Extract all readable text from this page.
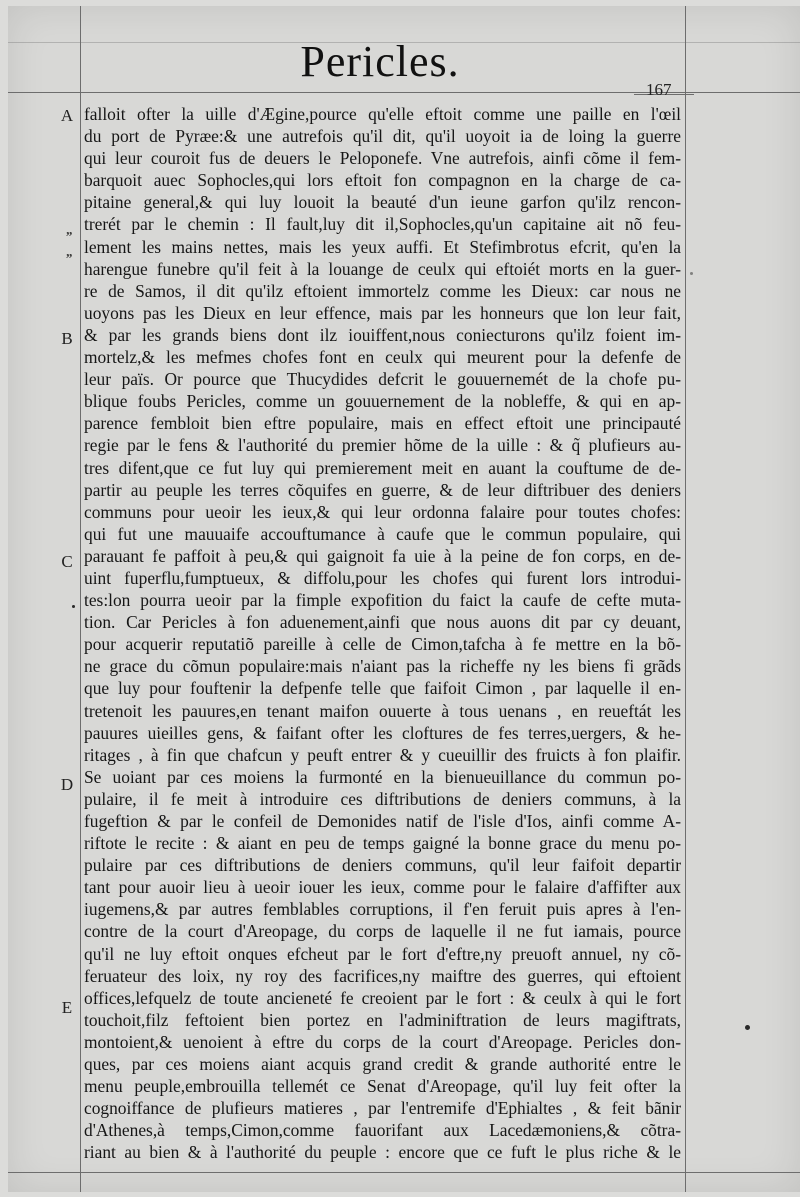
Pericles.
167
A
B
C
D
E
„
„
falloit ofter la uille d'Ægine,pource qu'elle eftoit comme une paille en l'œil
du port de Pyræe:& une autrefois qu'il dit, qu'il uoyoit ia de loing la guerre
qui leur couroit fus de deuers le Peloponefe. Vne autrefois, ainfi cõme il fem-
barquoit auec Sophocles,qui lors eftoit fon compagnon en la charge de ca-
pitaine general,& qui luy louoit la beauté d'un ieune garfon qu'ilz rencon-
trerét par le chemin : Il fault,luy dit il,Sophocles,qu'un capitaine ait nõ feu-
lement les mains nettes, mais les yeux auffi. Et Stefimbrotus efcrit, qu'en la
harengue funebre qu'il feit à la louange de ceulx qui eftoiét morts en la guer-
re de Samos, il dit qu'ilz eftoient immortelz comme les Dieux: car nous ne
uoyons pas les Dieux en leur effence, mais par les honneurs que lon leur fait,
& par les grands biens dont ilz iouiffent,nous coniecturons qu'ilz foient im-
mortelz,& les mefmes chofes font en ceulx qui meurent pour la defenfe de
leur païs. Or pource que Thucydides defcrit le gouuernemét de la chofe pu-
blique foubs Pericles, comme un gouuernement de la nobleffe, & qui en ap-
parence fembloit bien eftre populaire, mais en effect eftoit une principauté
regie par le fens & l'authorité du premier hõme de la uille : & q̃ plufieurs au-
tres difent,que ce fut luy qui premierement meit en auant la couftume de de-
partir au peuple les terres cõquifes en guerre, & de leur diftribuer des deniers
communs pour ueoir les ieux,& qui leur ordonna falaire pour toutes chofes:
qui fut une mauuaife accouftumance à caufe que le commun populaire, qui
parauant fe paffoit à peu,& qui gaignoit fa uie à la peine de fon corps, en de-
uint fuperflu,fumptueux, & diffolu,pour les chofes qui furent lors introdui-
tes:lon pourra ueoir par la fimple expofition du faict la caufe de cefte muta-
tion. Car Pericles à fon aduenement,ainfi que nous auons dit par cy deuant,
pour acquerir reputatiõ pareille à celle de Cimon,tafcha à fe mettre en la bõ-
ne grace du cõmun populaire:mais n'aiant pas la richeffe ny les biens fi grãds
que luy pour fouftenir la defpenfe telle que faifoit Cimon , par laquelle il en-
tretenoit les pauures,en tenant maifon ouuerte à tous uenans , en reueftát les
pauures uieilles gens, & faifant ofter les cloftures de fes terres,uergers, & he-
ritages , à fin que chafcun y peuft entrer & y cueuillir des fruicts à fon plaifir.
Se uoiant par ces moiens la furmonté en la bienueuillance du commun po-
pulaire, il fe meit à introduire ces diftributions de deniers communs, à la
fugeftion & par le confeil de Demonides natif de l'isle d'Ios, ainfi comme A-
riftote le recite : & aiant en peu de temps gaigné la bonne grace du menu po-
pulaire par ces diftributions de deniers communs, qu'il leur faifoit departir
tant pour auoir lieu à ueoir iouer les ieux, comme pour le falaire d'affifter aux
iugemens,& par autres femblables corruptions, il f'en feruit puis apres à l'en-
contre de la court d'Areopage, du corps de laquelle il ne fut iamais, pource
qu'il ne luy eftoit onques efcheut par le fort d'eftre,ny preuoft annuel, ny cõ-
feruateur des loix, ny roy des facrifices,ny maiftre des guerres, qui eftoient
offices,lefquelz de toute ancieneté fe creoient par le fort : & ceulx à qui le fort
touchoit,filz feftoient bien portez en l'adminiftration de leurs magiftrats,
montoient,& uenoient à eftre du corps de la court d'Areopage. Pericles don-
ques, par ces moiens aiant acquis grand credit & grande authorité entre le
menu peuple,embrouilla tellemét ce Senat d'Areopage, qu'il luy feit ofter la
cognoiffance de plufieurs matieres , par l'entremife d'Ephialtes , & feit bãnir
d'Athenes,à temps,Cimon,comme fauorifant aux Lacedæmoniens,& cõtra-
riant au bien & à l'authorité du peuple : encore que ce fuft le plus riche & le
